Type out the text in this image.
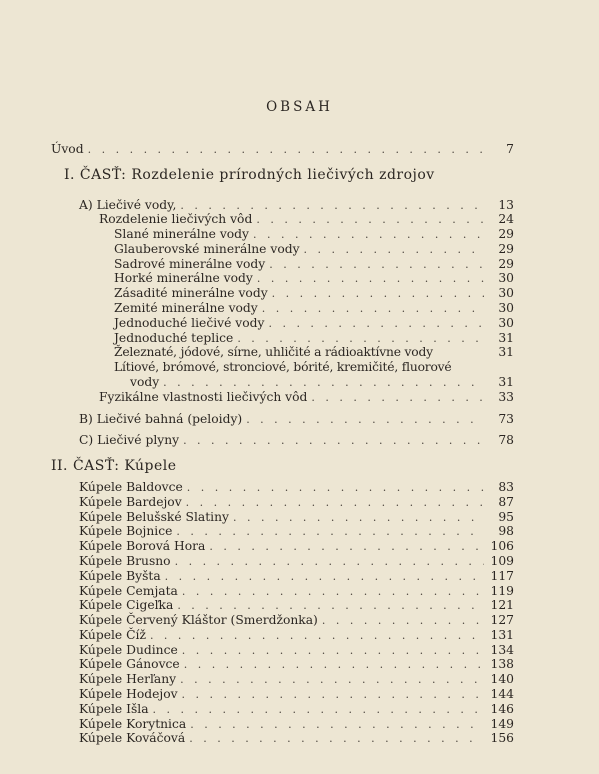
OBSAH
Úvod . . .	7
I. ČASŤ: Rozdelenie prírodných liečivých zdrojov
A) Liečivé vody, . . .	13
Rozdelenie liečivých vôd . . .	24
Slané minerálne vody . . .	29
Glauberovské minerálne vody . . .	29
Sadrové minerálne vody . . .	29
Horké minerálne vody . . .	30
Zásadité minerálne vody . . .	30
Zemité minerálne vody . . .	30
Jednoduché liečivé vody . . .	30
Jednoduché teplice . . .	31
Železnaté, jódové, sírne, uhličité a rádioaktívne vody	31
Lítiové, brómové, stronciové, bórité, kremičité, fluorové
vody . . .	31
Fyzikálne vlastnosti liečivých vôd . . .	33
B) Liečivé bahná (peloidy) . . .	73
C) Liečivé plyny . . .	78
II. ČASŤ: Kúpele
Kúpele Baldovce . . .	83
Kúpele Bardejov . . .	87
Kúpele Belušské Slatiny . . .	95
Kúpele Bojnice . . .	98
Kúpele Borová Hora . . .	106
Kúpele Brusno . . .	109
Kúpele Byšta . . .	117
Kúpele Cemjata . . .	119
Kúpele Cigeľka . . .	121
Kúpele Červený Kláštor (Smerdžonka) . . .	127
Kúpele Číž . . .	131
Kúpele Dudince . . .	134
Kúpele Gánovce . . .	138
Kúpele Herľany . . .	140
Kúpele Hodejov . . .	144
Kúpele Išla . . .	146
Kúpele Korytnica . . .	149
Kúpele Kováčová . . .	156
